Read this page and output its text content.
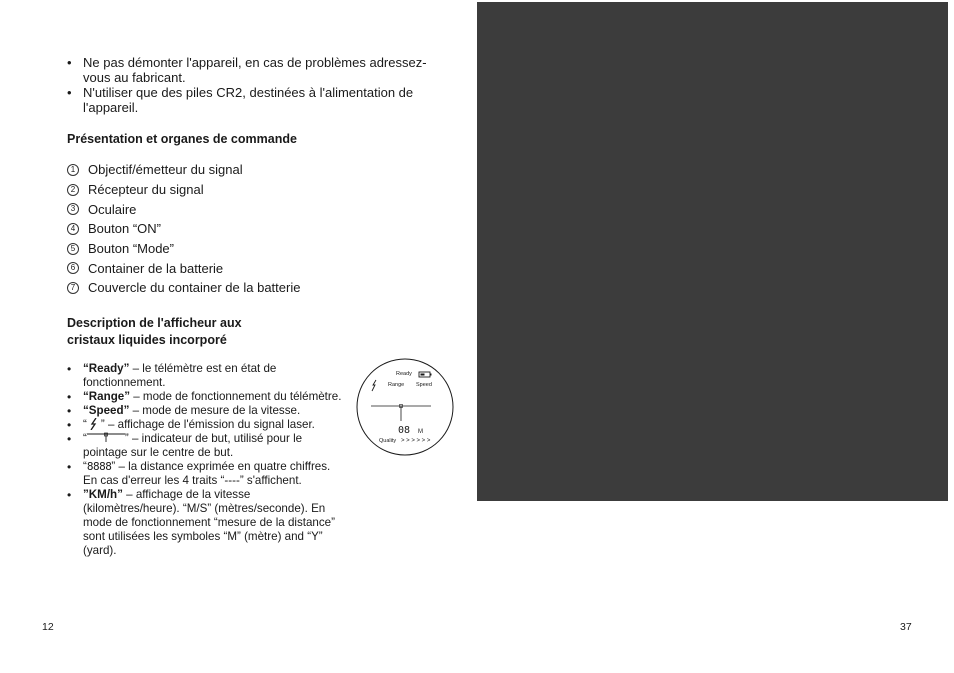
• Ne pas démonter l'appareil, en cas de problèmes adressez-vous au fabricant.
• N'utiliser que des piles CR2, destinées à l'alimentation de l'appareil.
Présentation et organes de commande
1 Objectif/émetteur du signal
2 Récepteur du signal
3 Oculaire
4 Bouton “ON”
5 Bouton “Mode”
6 Container de la batterie
7 Couvercle du container de la batterie
Description de l'afficheur aux
cristaux liquides incorporé
• “Ready” – le télémètre est en état de fonctionnement.
• “Range” – mode de fonctionnement du télémètre.
• “Speed” – mode de mesure de la vitesse.
• “ ” – affichage de l'émission du signal laser.
• “	” – indicateur de but, utilisé pour le pointage sur le centre de but.
• “8888” – la distance exprimée en quatre chiffres. En cas d'erreur les 4 traits “----” s'affichent.
• ”KM/h” – affichage de la vitesse (kilomètres/heure). “M/S” (mètres/seconde). En mode de fonctionnement “mesure de la distance” sont utilisées les symboles “M” (mètre) and “Y” (yard).
Ready
Range Speed
08 M
Quality > > > > > >
12	37
